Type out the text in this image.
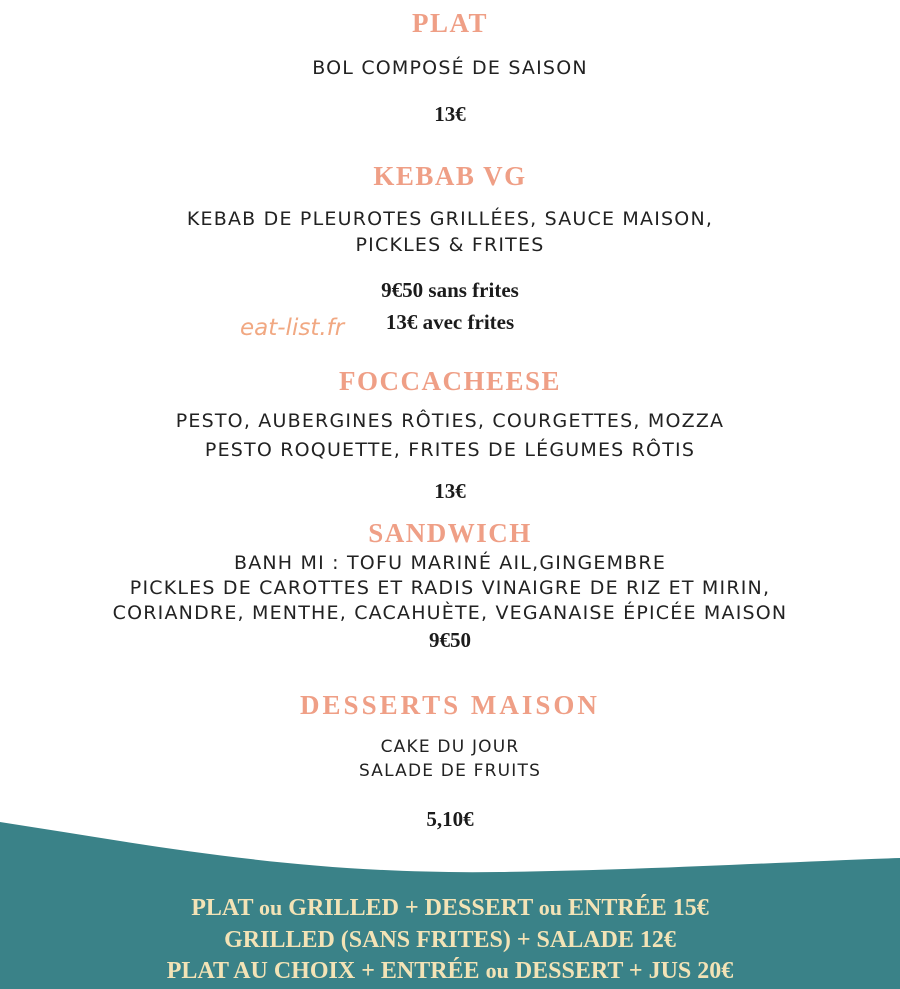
PLAT
BOL COMPOSÉ DE SAISON
13€
KEBAB VG
KEBAB DE PLEUROTES GRILLÉES, SAUCE MAISON,
PICKLES & FRITES
9€50 sans frites
13€ avec frites
eat-list.fr
FOCCACHEESE
PESTO, AUBERGINES RÔTIES, COURGETTES, MOZZA
PESTO ROQUETTE, FRITES DE LÉGUMES RÔTIS
13€
SANDWICH
BANH MI : TOFU MARINÉ AIL,GINGEMBRE
PICKLES DE CAROTTES ET RADIS VINAIGRE DE RIZ ET MIRIN,
CORIANDRE, MENTHE, CACAHUÈTE, VEGANAISE ÉPICÉE MAISON
9€50
DESSERTS MAISON
CAKE DU JOUR
SALADE DE FRUITS
5,10€
PLAT ou GRILLED + DESSERT ou ENTRÉE 15€
GRILLED (SANS FRITES) + SALADE 12€
PLAT AU CHOIX + ENTRÉE ou DESSERT + JUS 20€
